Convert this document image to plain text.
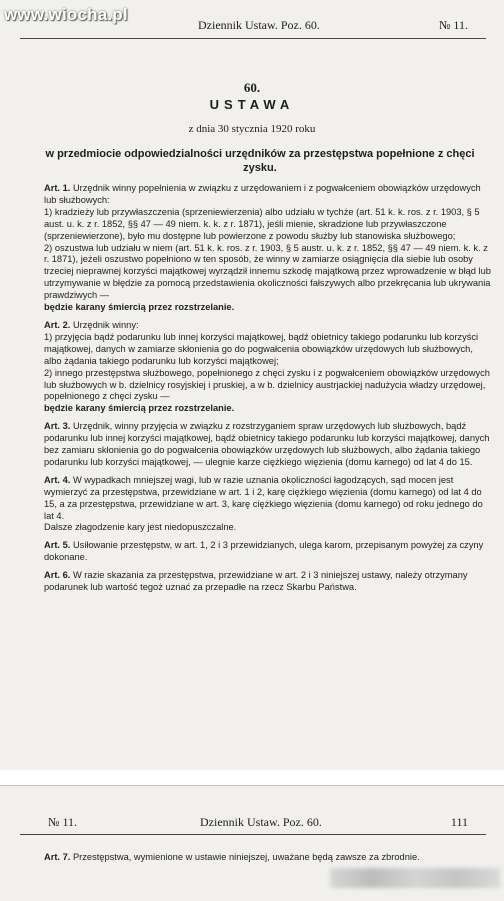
www.wiocha.pl
Dziennik Ustaw. Poz. 60.	№ 11.
60.
USTAWA
z dnia 30 stycznia 1920 roku
w przedmiocie odpowiedzialności urzędników za przestępstwa popełnione z chęci zysku.

Art. 1. Urzędnik winny popełnienia w związku z urzędowaniem i z pogwałceniem obowiązków urzędowych lub służbowych:

1) kradzieży lub przywłaszczenia (sprzeniewierzenia) albo udziału w tychże (art. 51 k. k. ros. z r. 1903, § 5 aust. u. k. z r. 1852, §§ 47 — 49 niem. k. k. z r. 1871), jeśli mienie, skradzione lub przywłaszczone (sprzeniewierzone), było mu dostępne lub powierzone z powodu służby lub stanowiska służbowego;

2) oszustwa lub udziału w niem (art. 51 k. k. ros. z r. 1903, § 5 austr. u. k. z r. 1852, §§ 47 — 49 niem. k. k. z r. 1871), jeżeli oszustwo popełniono w ten sposób, że winny w zamiarze osiągnięcia dla siebie lub osoby trzeciej nieprawnej korzyści majątkowej wyrządził innemu szkodę majątkową przez wprowadzenie w błąd lub utrzymywanie w błędzie za pomocą przedstawienia okoliczności fałszywych albo przekręcania lub ukrywania prawdziwych —

będzie karany śmiercią przez rozstrzelanie.

Art. 2. Urzędnik winny:

1) przyjęcia bądź podarunku lub innej korzyści majątkowej, bądź obietnicy takiego podarunku lub korzyści majątkowej, danych w zamiarze skłonienia go do pogwałcenia obowiązków urzędowych lub służbowych, albo żądania takiego podarunku lub korzyści majątkowej;

2) innego przestępstwa służbowego, popełnionego z chęci zysku i z pogwałceniem obowiązków urzędowych lub służbowych w b. dzielnicy rosyjskiej i pruskiej, a w b. dzielnicy austrjackiej nadużycia władzy urzędowej, popełnionego z chęci zysku —

będzie karany śmiercią przez rozstrzelanie.

Art. 3. Urzędnik, winny przyjęcia w związku z rozstrzyganiem spraw urzędowych lub służbowych, bądź podarunku lub innej korzyści majątkowej, bądź obietnicy takiego podarunku lub korzyści majątkowej, danych bez zamiaru skłonienia go do pogwałcenia obowiązków urzędowych lub służbowych, albo żądania takiego podarunku lub korzyści majątkowej, — ulegnie karze ciężkiego więzienia (domu karnego) od lat 4 do 15.

Art. 4. W wypadkach mniejszej wagi, lub w razie uznania okoliczności łagodzących, sąd mocen jest wymierzyć za przestępstwa, przewidziane w art. 1 i 2, karę ciężkiego więzienia (domu karnego) od lat 4 do 15, a za przestępstwa, przewidziane w art. 3, karę ciężkiego więzienia (domu karnego) od roku jednego do lat 4.

Dalsze złagodzenie kary jest niedopuszczalne.

Art. 5. Usiłowanie przestępstw, w art. 1, 2 i 3 przewidzianych, ulega karom, przepisanym powyżej za czyny dokonane.

Art. 6. W razie skazania za przestępstwa, przewidziane w art. 2 i 3 niniejszej ustawy, należy otrzymany podarunek lub wartość tegoż uznać za przepadłe na rzecz Skarbu Państwa.

№ 11.	Dziennik Ustaw. Poz. 60.	111

Art. 7. Przestępstwa, wymienione w ustawie niniejszej, uważane będą zawsze za zbrodnie.
